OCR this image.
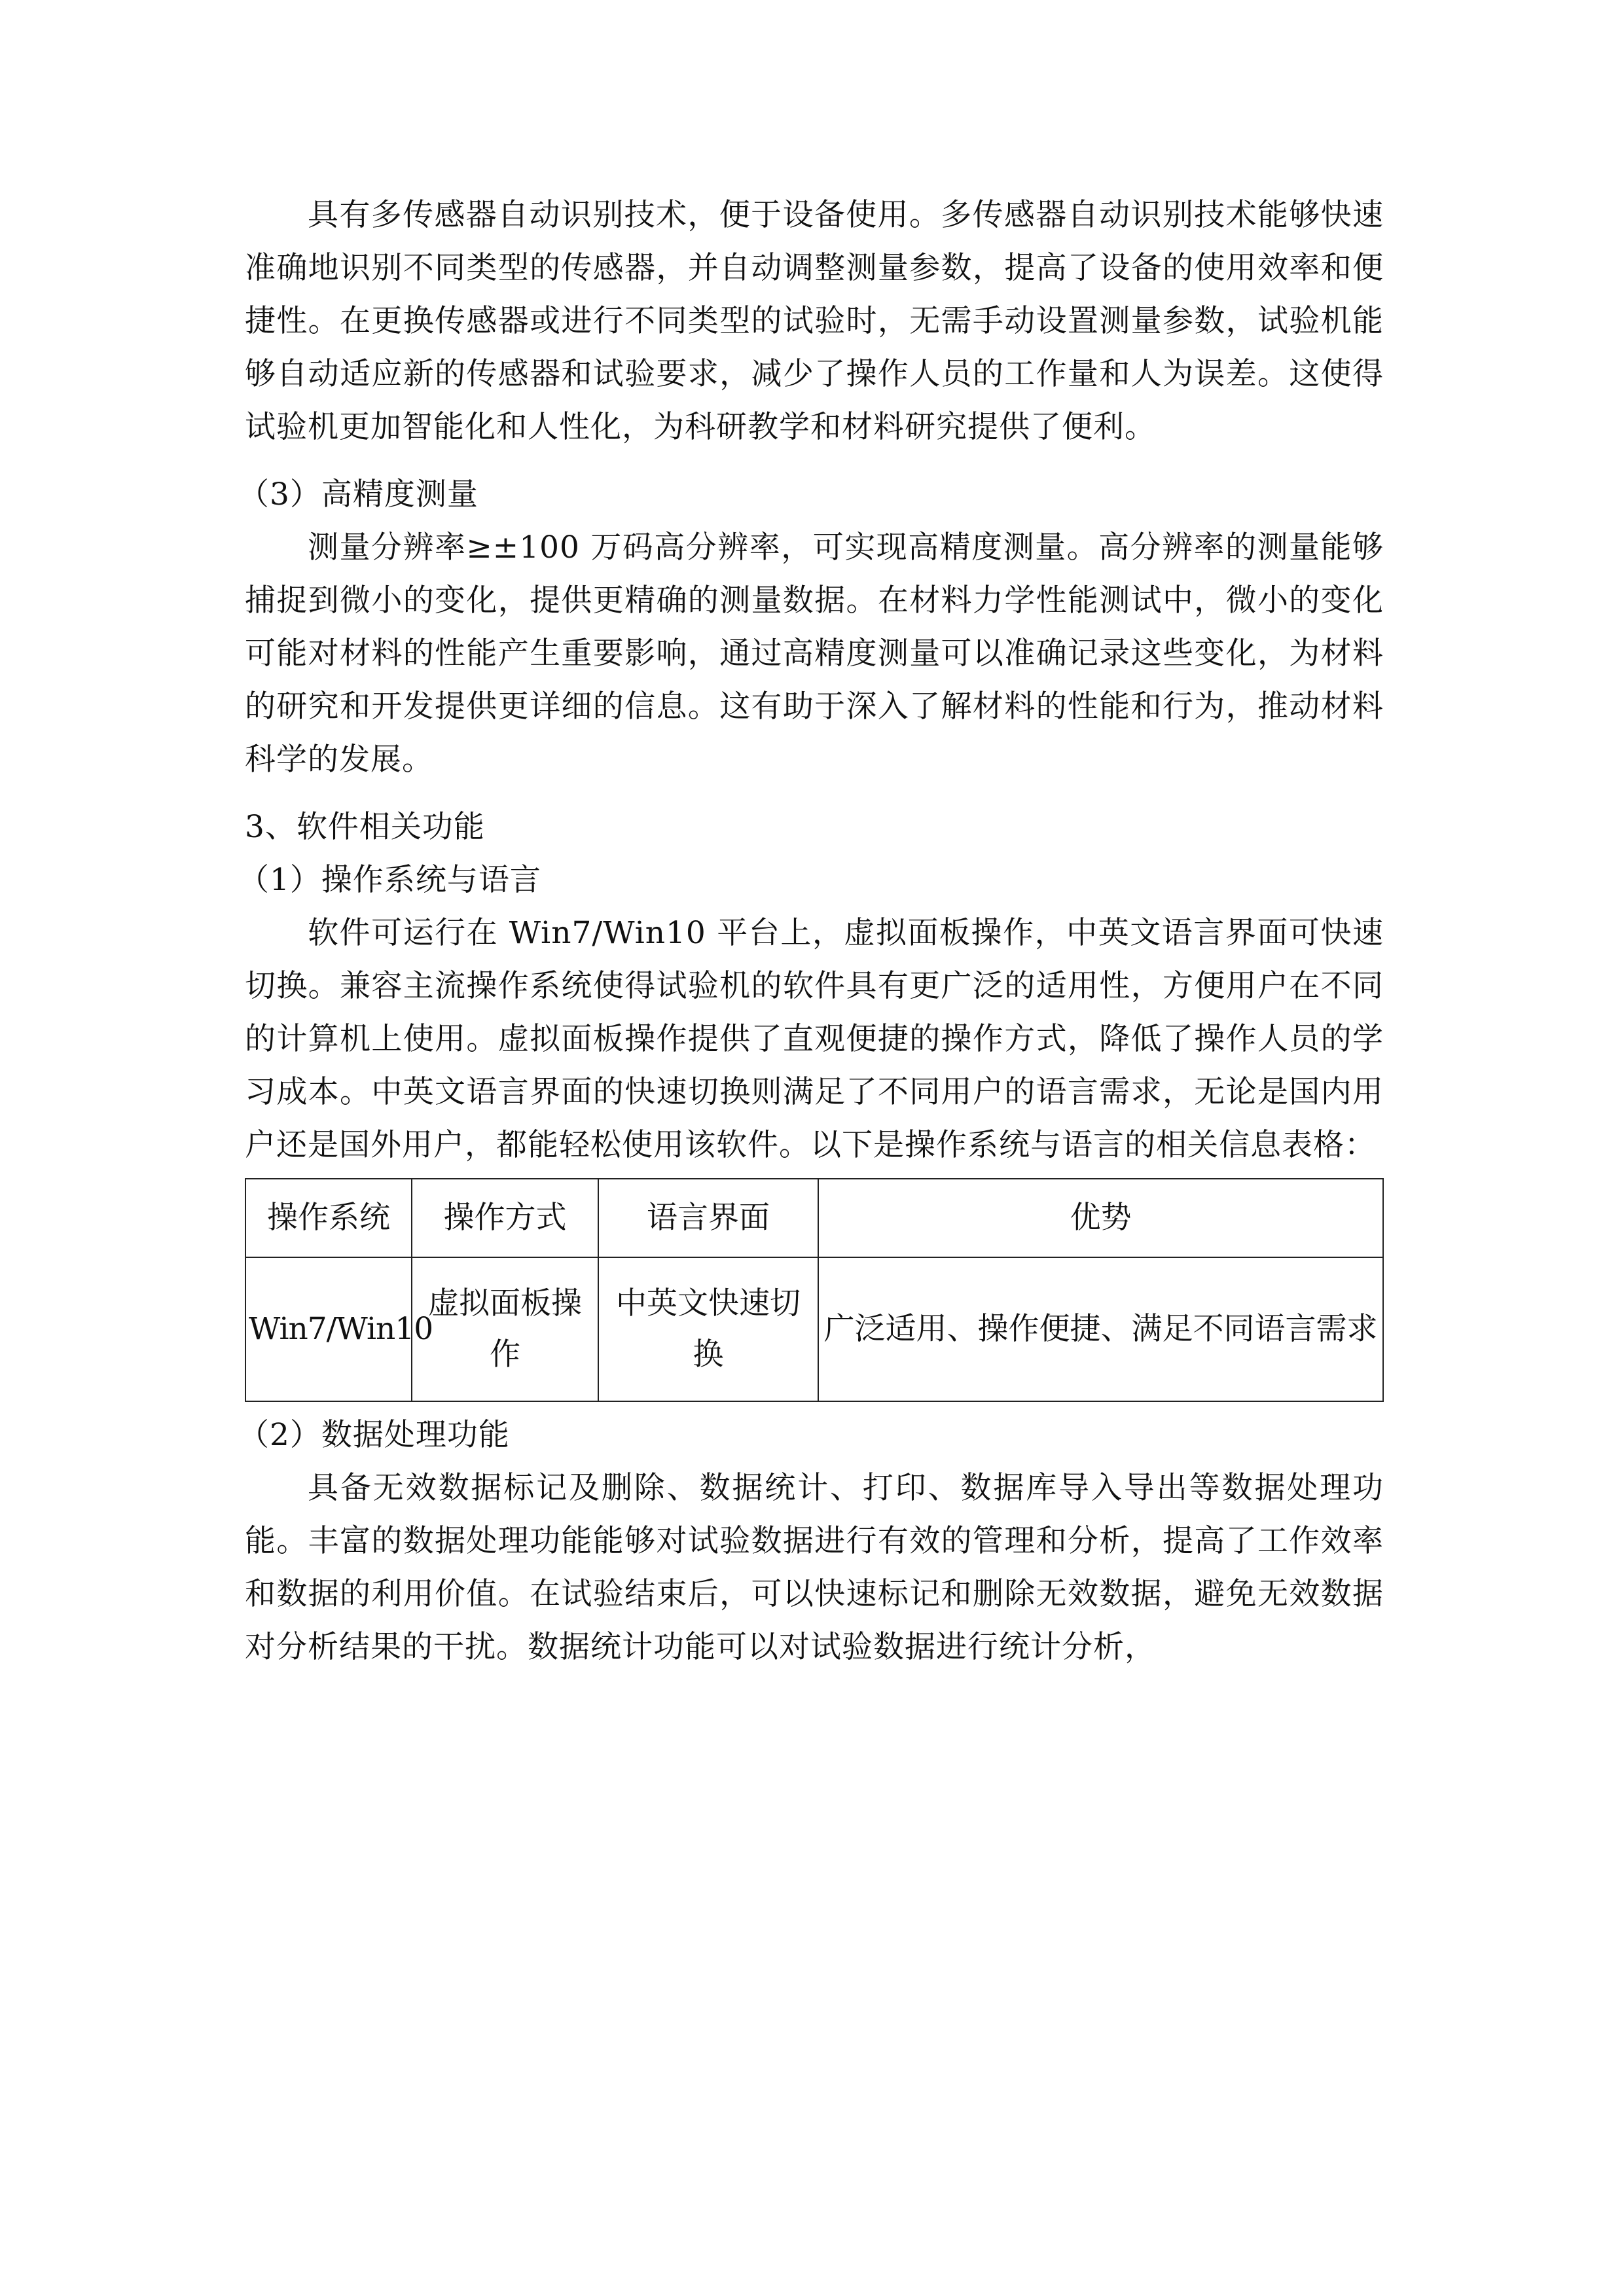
具有多传感器自动识别技术，便于设备使用。多传感器自动识别技术能够快速准确地识别不同类型的传感器，并自动调整测量参数，提高了设备的使用效率和便捷性。在更换传感器或进行不同类型的试验时，无需手动设置测量参数，试验机能够自动适应新的传感器和试验要求，减少了操作人员的工作量和人为误差。这使得试验机更加智能化和人性化，为科研教学和材料研究提供了便利。

（3）高精度测量

测量分辨率≥±100 万码高分辨率，可实现高精度测量。高分辨率的测量能够捕捉到微小的变化，提供更精确的测量数据。在材料力学性能测试中，微小的变化可能对材料的性能产生重要影响，通过高精度测量可以准确记录这些变化，为材料的研究和开发提供更详细的信息。这有助于深入了解材料的性能和行为，推动材料科学的发展。

3、软件相关功能

（1）操作系统与语言

软件可运行在 Win7/Win10 平台上，虚拟面板操作，中英文语言界面可快速切换。兼容主流操作系统使得试验机的软件具有更广泛的适用性，方便用户在不同的计算机上使用。虚拟面板操作提供了直观便捷的操作方式，降低了操作人员的学习成本。中英文语言界面的快速切换则满足了不同用户的语言需求，无论是国内用户还是国外用户，都能轻松使用该软件。以下是操作系统与语言的相关信息表格：

操作系统	操作方式	语言界面	优势
Win7/Win10	虚拟面板操作	中英文快速切换	广泛适用、操作便捷、满足不同语言需求

（2）数据处理功能

具备无效数据标记及删除、数据统计、打印、数据库导入导出等数据处理功能。丰富的数据处理功能能够对试验数据进行有效的管理和分析，提高了工作效率和数据的利用价值。在试验结束后，可以快速标记和删除无效数据，避免无效数据对分析结果的干扰。数据统计功能可以对试验数据进行统计分析，
